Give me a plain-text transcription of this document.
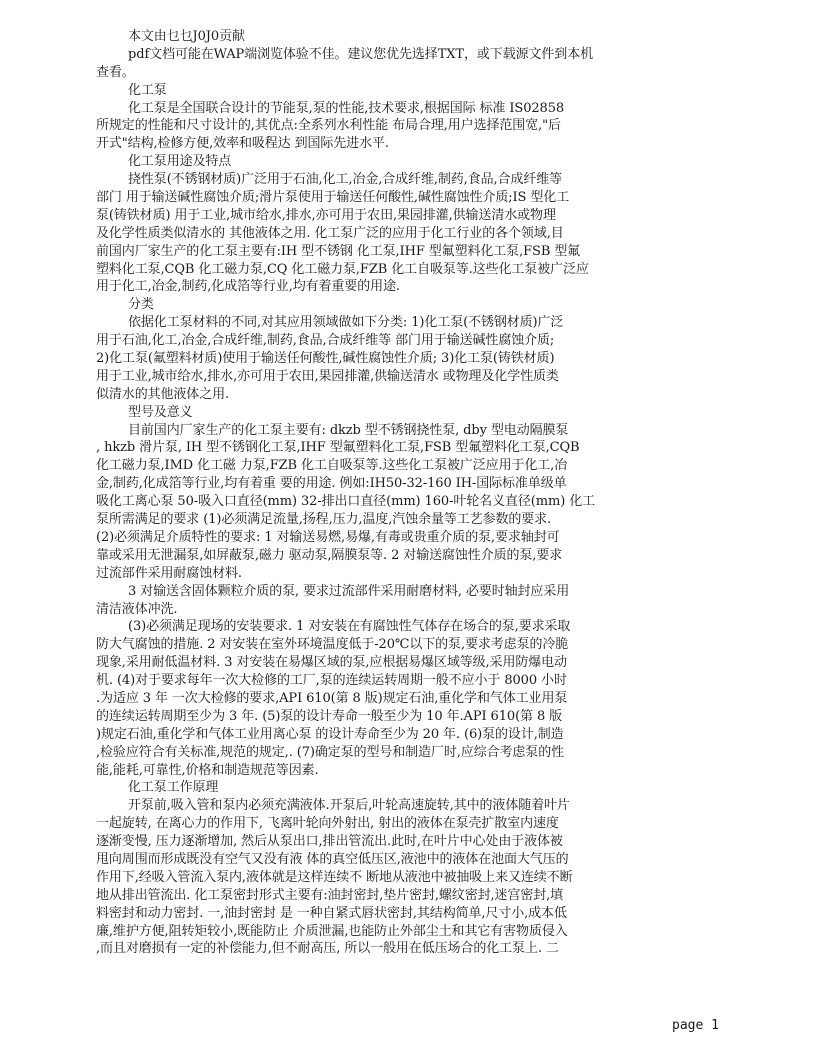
本文由乜乜J0J0贡献
pdf文档可能在WAP端浏览体验不佳。建议您优先选择TXT，或下载源文件到本机
查看。
化工泵
化工泵是全国联合设计的节能泵,泵的性能,技术要求,根据国际 标准 IS02858
所规定的性能和尺寸设计的,其优点:全系列水利性能 布局合理,用户选择范围宽,"后
开式"结构,检修方便,效率和吸程达 到国际先进水平.
化工泵用途及特点
挠性泵(不锈钢材质)广泛用于石油,化工,冶金,合成纤维,制药,食品,合成纤维等
部门 用于输送碱性腐蚀介质;滑片泵使用于输送任何酸性,碱性腐蚀性介质;IS 型化工
泵(铸铁材质) 用于工业,城市给水,排水,亦可用于农田,果园排灌,供输送清水或物理
及化学性质类似清水的 其他液体之用. 化工泵广泛的应用于化工行业的各个领域,目
前国内厂家生产的化工泵主要有:IH 型不锈钢 化工泵,IHF 型氟塑料化工泵,FSB 型氟
塑料化工泵,CQB 化工磁力泵,CQ 化工磁力泵,FZB 化工自吸泵等.这些化工泵被广泛应
用于化工,冶金,制药,化成箔等行业,均有着重要的用途.
分类
依据化工泵材料的不同,对其应用领域做如下分类: 1)化工泵(不锈钢材质)广泛
用于石油,化工,冶金,合成纤维,制药,食品,合成纤维等 部门用于输送碱性腐蚀介质;
2)化工泵(氟塑料材质)使用于输送任何酸性,碱性腐蚀性介质; 3)化工泵(铸铁材质)
用于工业,城市给水,排水,亦可用于农田,果园排灌,供输送清水 或物理及化学性质类
似清水的其他液体之用.
型号及意义
目前国内厂家生产的化工泵主要有: dkzb 型不锈钢挠性泵, dby 型电动隔膜泵
, hkzb 滑片泵, IH 型不锈钢化工泵,IHF 型氟塑料化工泵,FSB 型氟塑料化工泵,CQB
化工磁力泵,IMD 化工磁 力泵,FZB 化工自吸泵等.这些化工泵被广泛应用于化工,冶
金,制药,化成箔等行业,均有着重 要的用途. 例如:IH50-32-160 IH-国际标准单级单
吸化工离心泵 50-吸入口直径(mm) 32-排出口直径(mm) 160-叶轮名义直径(mm) 化工
泵所需满足的要求 (1)必须满足流量,扬程,压力,温度,汽蚀余量等工艺参数的要求.
(2)必须满足介质特性的要求: 1 对输送易燃,易爆,有毒或贵重介质的泵,要求轴封可
靠或采用无泄漏泵,如屏蔽泵,磁力 驱动泵,隔膜泵等. 2 对输送腐蚀性介质的泵,要求
过流部件采用耐腐蚀材料.
3 对输送含固体颗粒介质的泵, 要求过流部件采用耐磨材料, 必要时轴封应采用
清洁液体冲洗.
(3)必须满足现场的安装要求. 1 对安装在有腐蚀性气体存在场合的泵,要求采取
防大气腐蚀的措施. 2 对安装在室外环境温度低于-20℃以下的泵,要求考虑泵的冷脆
现象,采用耐低温材料. 3 对安装在易爆区域的泵,应根据易爆区域等级,采用防爆电动
机. (4)对于要求每年一次大检修的工厂,泵的连续运转周期一般不应小于 8000 小时
.为适应 3 年 一次大检修的要求,API 610(第 8 版)规定石油,重化学和气体工业用泵
的连续运转周期至少为 3 年. (5)泵的设计寿命一般至少为 10 年.API 610(第 8 版
)规定石油,重化学和气体工业用离心泵 的设计寿命至少为 20 年. (6)泵的设计,制造
,检验应符合有关标准,规范的规定,. (7)确定泵的型号和制造厂时,应综合考虑泵的性
能,能耗,可靠性,价格和制造规范等因素.
化工泵工作原理
开泵前,吸入管和泵内必须充满液体.开泵后,叶轮高速旋转,其中的液体随着叶片
一起旋转, 在离心力的作用下, 飞离叶轮向外射出, 射出的液体在泵壳扩散室内速度
逐渐变慢, 压力逐渐增加, 然后从泵出口,排出管流出.此时,在叶片中心处由于液体被
甩向周围而形成既没有空气又没有液 体的真空低压区,液池中的液体在池面大气压的
作用下,经吸入管流入泵内,液体就是这样连续不 断地从液池中被抽吸上来又连续不断
地从排出管流出. 化工泵密封形式主要有:油封密封,垫片密封,螺纹密封,迷宫密封,填
料密封和动力密封. 一,油封密封 是 一种自紧式唇状密封,其结构简单,尺寸小,成本低
廉,维护方便,阻转矩较小,既能防止 介质泄漏,也能防止外部尘土和其它有害物质侵入
,而且对磨损有一定的补偿能力,但不耐高压, 所以一般用在低压场合的化工泵上. 二
page 1
